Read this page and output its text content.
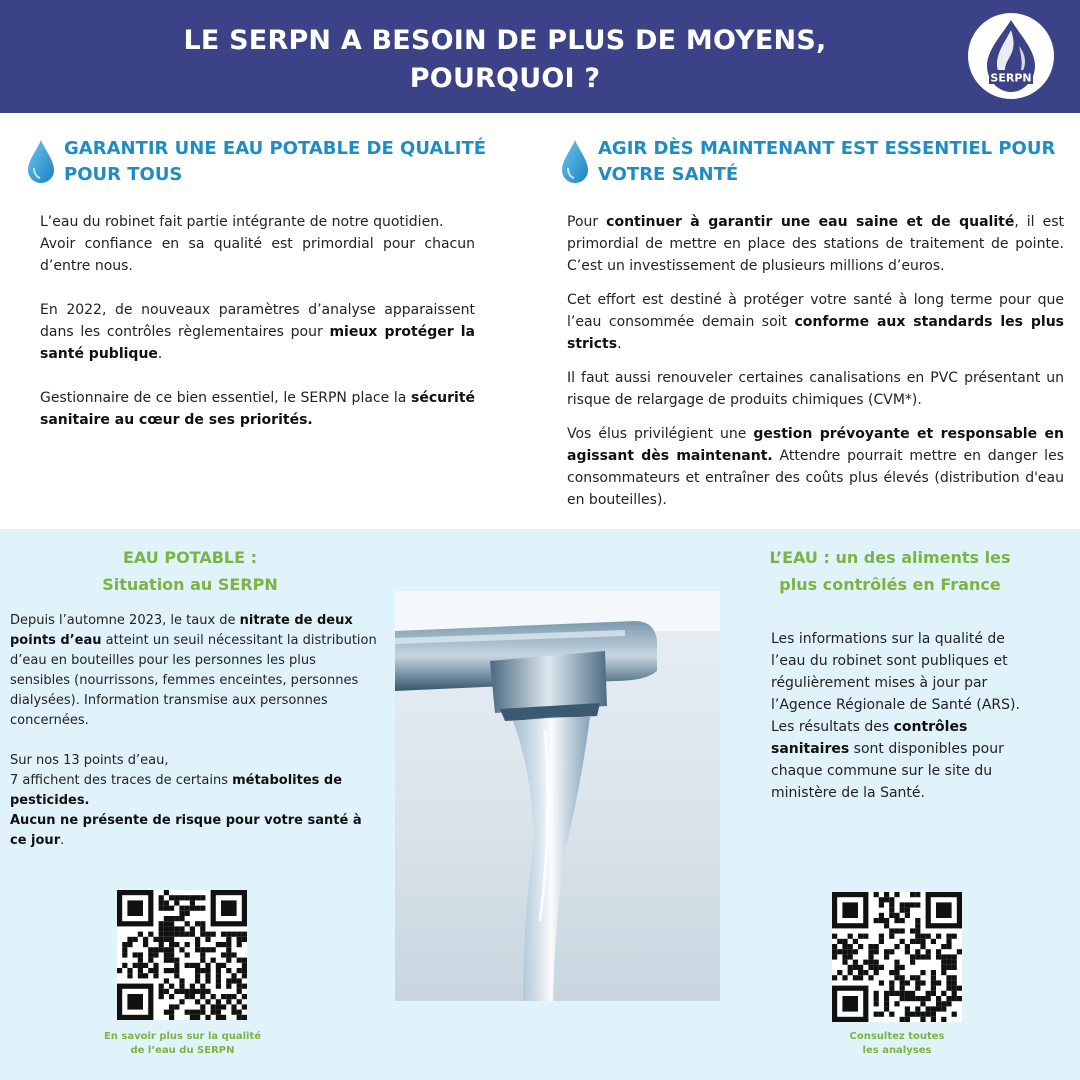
LE SERPN A BESOIN DE PLUS DE MOYENS,
POURQUOI ?	SERPN
GARANTIR UNE EAU POTABLE DE QUALITÉ
POUR TOUS

L’eau du robinet fait partie intégrante de notre quotidien.

Avoir confiance en sa qualité est primordial pour chacun d’entre nous.

En 2022, de nouveaux paramètres d’analyse apparaissent dans les contrôles règlementaires pour mieux protéger la santé publique.

Gestionnaire de ce bien essentiel, le SERPN place la sécurité sanitaire au cœur de ses priorités.

AGIR DÈS MAINTENANT EST ESSENTIEL POUR
VOTRE SANTÉ

Pour continuer à garantir une eau saine et de qualité, il est primordial de mettre en place des stations de traitement de pointe. C’est un investissement de plusieurs millions d’euros.

Cet effort est destiné à protéger votre santé à long terme pour que l’eau consommée demain soit conforme aux standards les plus stricts.

Il faut aussi renouveler certaines canalisations en PVC présentant un risque de relargage de produits chimiques (CVM*).

Vos élus privilégient une gestion prévoyante et responsable en agissant dès maintenant. Attendre pourrait mettre en danger les consommateurs et entraîner des coûts plus élevés (distribution d'eau en bouteilles).

EAU POTABLE :
Situation au SERPN

Depuis l’automne 2023, le taux de nitrate de deux points d’eau atteint un seuil nécessitant la distribution d’eau en bouteilles pour les personnes les plus sensibles (nourrissons, femmes enceintes, personnes dialysées). Information transmise aux personnes concernées.

Sur nos 13 points d’eau,

7 affichent des traces de certains métabolites de pesticides.

Aucun ne présente de risque pour votre santé à ce jour.

L’EAU : un des aliments les
plus contrôlés en France

Les informations sur la qualité de l’eau du robinet sont publiques et régulièrement mises à jour par l’Agence Régionale de Santé (ARS). Les résultats des contrôles sanitaires sont disponibles pour chaque commune sur le site du ministère de la Santé.

En savoir plus sur la qualité
de l’eau du SERPN
Consultez toutes
les analyses
